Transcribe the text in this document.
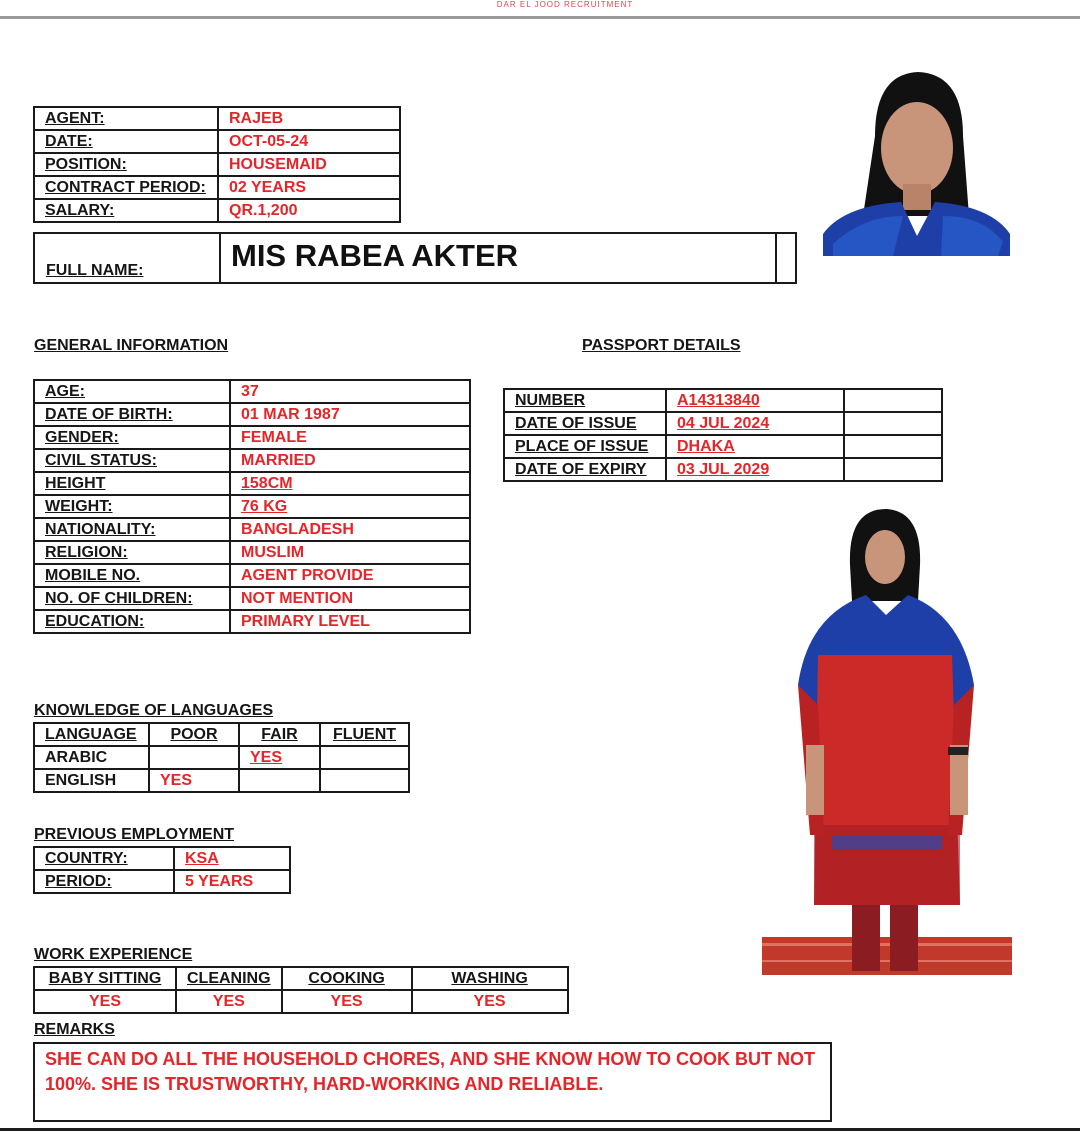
DAR EL JOOD RECRUITMENT
AGENT:	RAJEB
DATE:	OCT-05-24
POSITION:	HOUSEMAID
CONTRACT PERIOD:	02 YEARS
SALARY:	QR.1,200
FULL NAME:	MIS RABEA AKTER
GENERAL INFORMATION
AGE:	37
DATE OF BIRTH:	01 MAR 1987
GENDER:	FEMALE
CIVIL STATUS:	MARRIED
HEIGHT	158CM
WEIGHT:	76 KG
NATIONALITY:	BANGLADESH
RELIGION:	MUSLIM
MOBILE NO.	AGENT PROVIDE
NO. OF CHILDREN:	NOT MENTION
EDUCATION:	PRIMARY LEVEL
PASSPORT DETAILS
NUMBER	A14313840	
DATE OF ISSUE	04 JUL 2024	
PLACE OF ISSUE	DHAKA	
DATE OF EXPIRY	03 JUL 2029	
KNOWLEDGE OF LANGUAGES
LANGUAGE	POOR	FAIR	FLUENT
ARABIC		YES	
ENGLISH	YES		
PREVIOUS EMPLOYMENT
COUNTRY:	KSA
PERIOD:	5 YEARS
WORK EXPERIENCE
BABY SITTING	CLEANING	COOKING	WASHING
YES	YES	YES	YES
REMARKS
SHE CAN DO ALL THE HOUSEHOLD CHORES, AND SHE KNOW HOW TO COOK BUT NOT 100%. SHE IS TRUSTWORTHY, HARD-WORKING AND RELIABLE.
